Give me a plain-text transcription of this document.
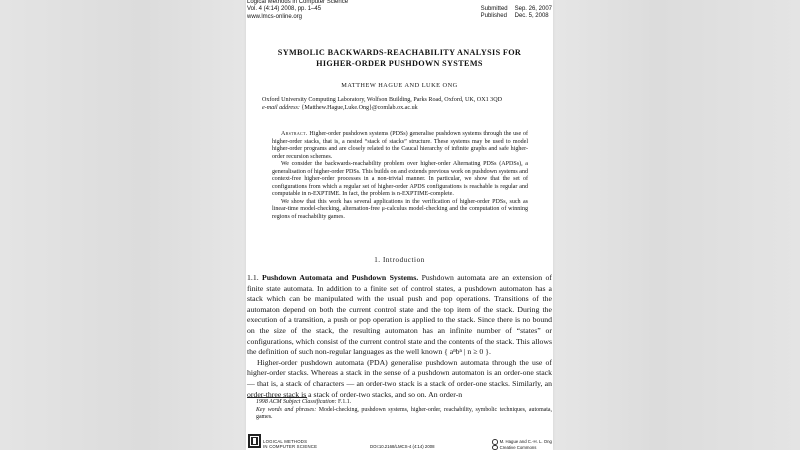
Logical Methods in Computer Science
Vol. 4 (4:14) 2008, pp. 1–45
www.lmcs-online.org
Submitted Sep. 26, 2007
Published Dec. 5, 2008
SYMBOLIC BACKWARDS-REACHABILITY ANALYSIS FOR
HIGHER-ORDER PUSHDOWN SYSTEMS
MATTHEW HAGUE AND LUKE ONG
Oxford University Computing Laboratory, Wolfson Building, Parks Road, Oxford, UK, OX1 3QD
e-mail address: {Matthew.Hague,Luke.Ong}@comlab.ox.ac.uk

Abstract. Higher-order pushdown systems (PDSs) generalise pushdown systems through the use of higher-order stacks, that is, a nested “stack of stacks” structure. These systems may be used to model higher-order programs and are closely related to the Caucal hierarchy of infinite graphs and safe higher-order recursion schemes.

We consider the backwards-reachability problem over higher-order Alternating PDSs (APDSs), a generalisation of higher-order PDSs. This builds on and extends previous work on pushdown systems and context-free higher-order processes in a non-trivial manner. In particular, we show that the set of configurations from which a regular set of higher-order APDS configurations is reachable is regular and computable in n-EXPTIME. In fact, the problem is n-EXPTIME-complete.

We show that this work has several applications in the verification of higher-order PDSs, such as linear-time model-checking, alternation-free μ-calculus model-checking and the computation of winning regions of reachability games.

1. Introduction

1.1. Pushdown Automata and Pushdown Systems. Pushdown automata are an extension of finite state automata. In addition to a finite set of control states, a pushdown automaton has a stack which can be manipulated with the usual push and pop operations. Transitions of the automaton depend on both the current control state and the top item of the stack. During the execution of a transition, a push or pop operation is applied to the stack. Since there is no bound on the size of the stack, the resulting automaton has an infinite number of “states” or configurations, which consist of the current control state and the contents of the stack. This allows the definition of such non-regular languages as the well known { aⁿbⁿ | n ≥ 0 }.

Higher-order pushdown automata (PDA) generalise pushdown automata through the use of higher-order stacks. Whereas a stack in the sense of a pushdown automaton is an order-one stack — that is, a stack of characters — an order-two stack is a stack of order-one stacks. Similarly, an order-three stack is a stack of order-two stacks, and so on. An order-n

1998 ACM Subject Classification: F.1.1.
Key words and phrases: Model-checking, pushdown systems, higher-order, reachability, symbolic techniques, automata, games.
LOGICAL METHODS
IN COMPUTER SCIENCE	DOI:10.2168/LMCS-4 (4:14) 2008
M. Hague and C.-H. L. Ong
Creative Commons
